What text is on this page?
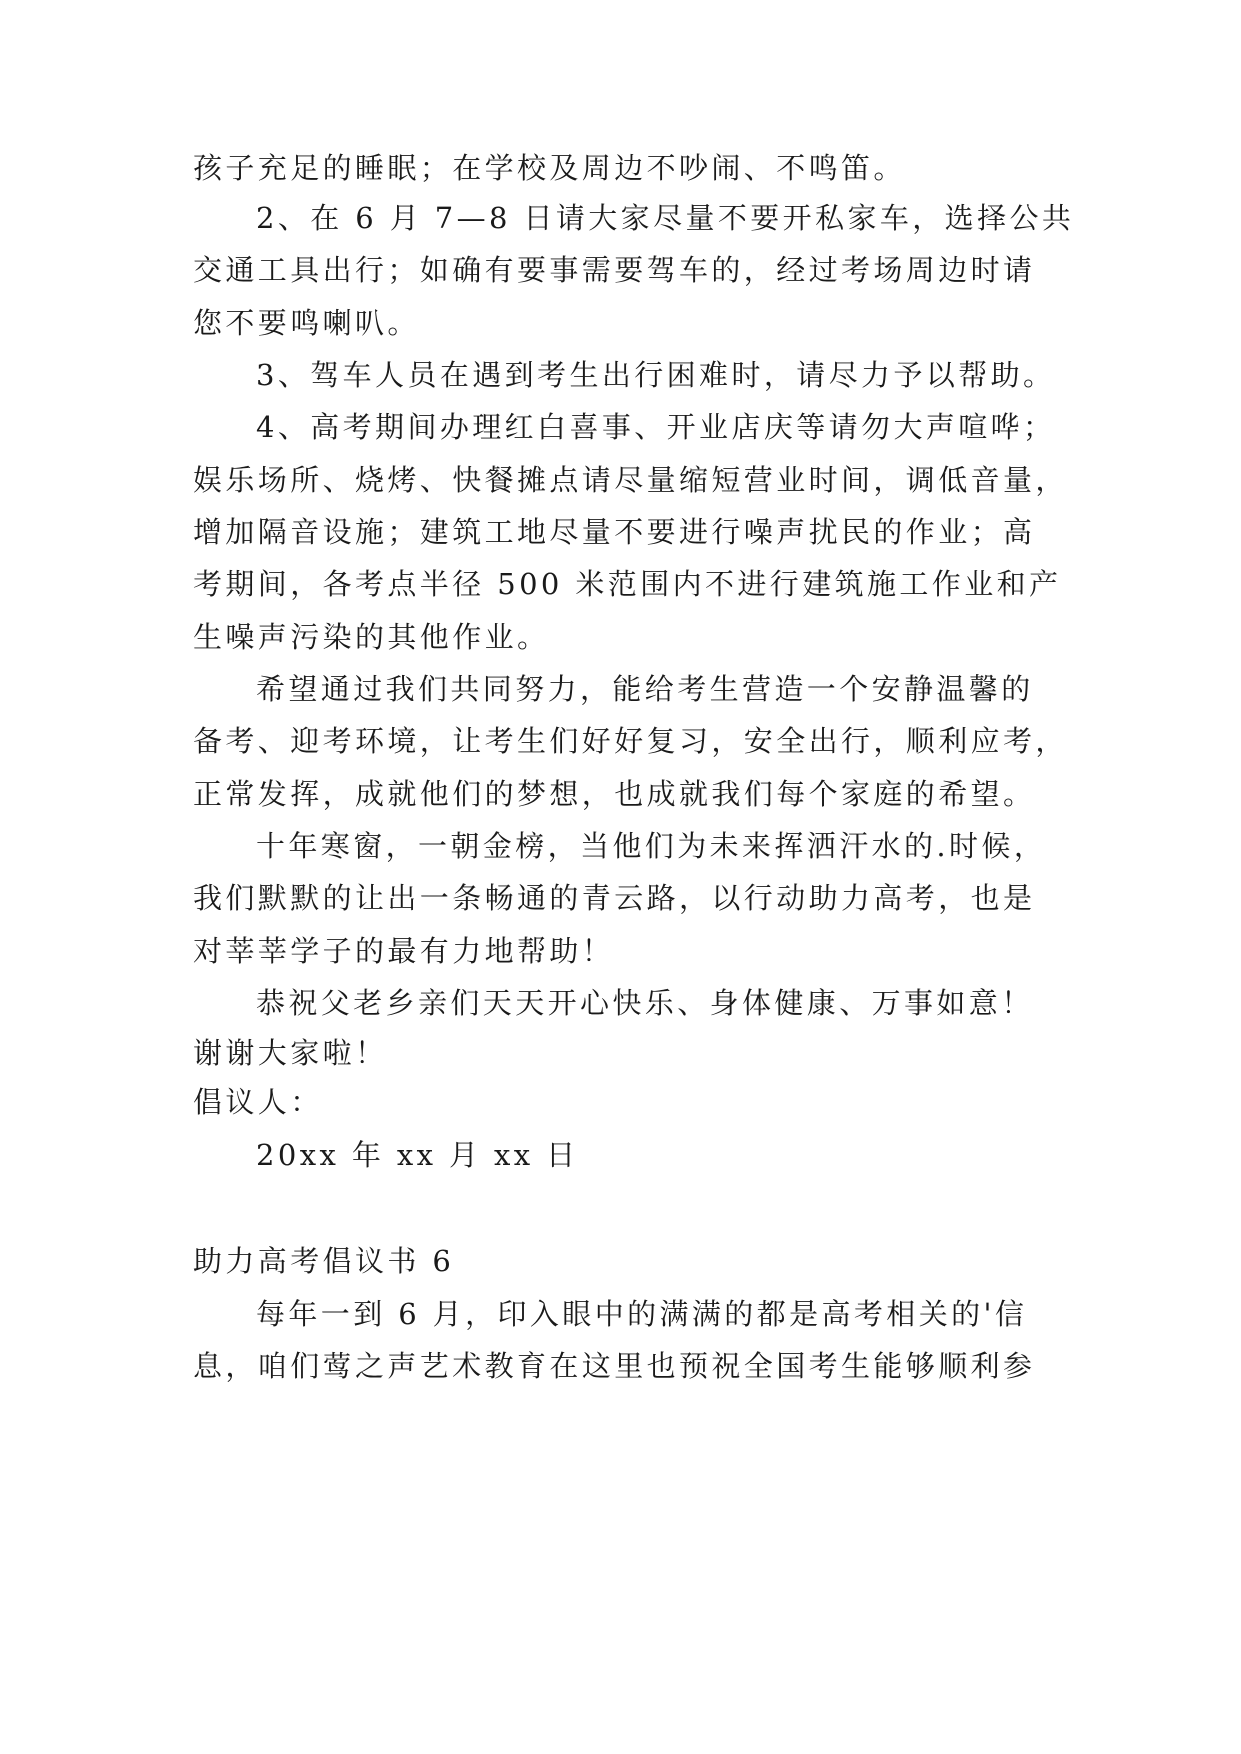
孩子充足的睡眠；在学校及周边不吵闹、不鸣笛。
2、在 6 月 7—8 日请大家尽量不要开私家车，选择公共
交通工具出行；如确有要事需要驾车的，经过考场周边时请
您不要鸣喇叭。
3、驾车人员在遇到考生出行困难时，请尽力予以帮助。
4、高考期间办理红白喜事、开业店庆等请勿大声喧哗；
娱乐场所、烧烤、快餐摊点请尽量缩短营业时间，调低音量，
增加隔音设施；建筑工地尽量不要进行噪声扰民的作业；高
考期间，各考点半径 500 米范围内不进行建筑施工作业和产
生噪声污染的其他作业。
希望通过我们共同努力，能给考生营造一个安静温馨的
备考、迎考环境，让考生们好好复习，安全出行，顺利应考，
正常发挥，成就他们的梦想，也成就我们每个家庭的希望。
十年寒窗，一朝金榜，当他们为未来挥洒汗水的.时候，
我们默默的让出一条畅通的青云路，以行动助力高考，也是
对莘莘学子的最有力地帮助！
恭祝父老乡亲们天天开心快乐、身体健康、万事如意！
谢谢大家啦！
倡议人：
20xx 年 xx 月 xx 日
助力高考倡议书 6
每年一到 6 月，印入眼中的满满的都是高考相关的'信
息，咱们莺之声艺术教育在这里也预祝全国考生能够顺利参
